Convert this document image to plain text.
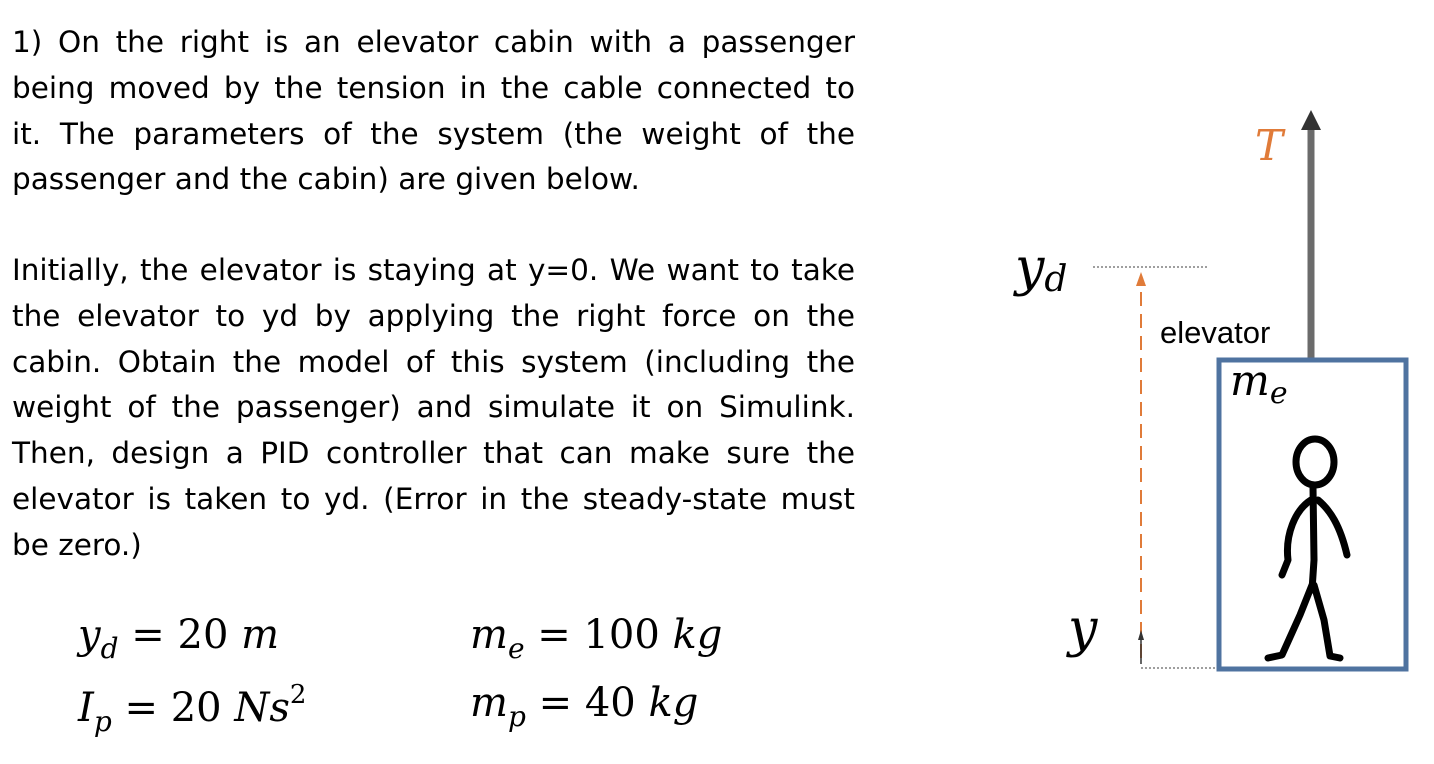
1) On the right is an elevator cabin with a passenger
being moved by the tension in the cable connected to
it. The parameters of the system (the weight of the
passenger and the cabin) are given below.
Initially, the elevator is staying at y=0. We want to take
the elevator to yd by applying the right force on the
cabin. Obtain the model of this system (including the
weight of the passenger) and simulate it on Simulink.
Then, design a PID controller that can make sure the
elevator is taken to yd. (Error in the steady-state must
be zero.)
$y_d = 20$ m	$m_e = 100$ kg
$I_p = 20$ Ns$^2$	$m_p = 40$ kg
T
yd
y
elevator
me
